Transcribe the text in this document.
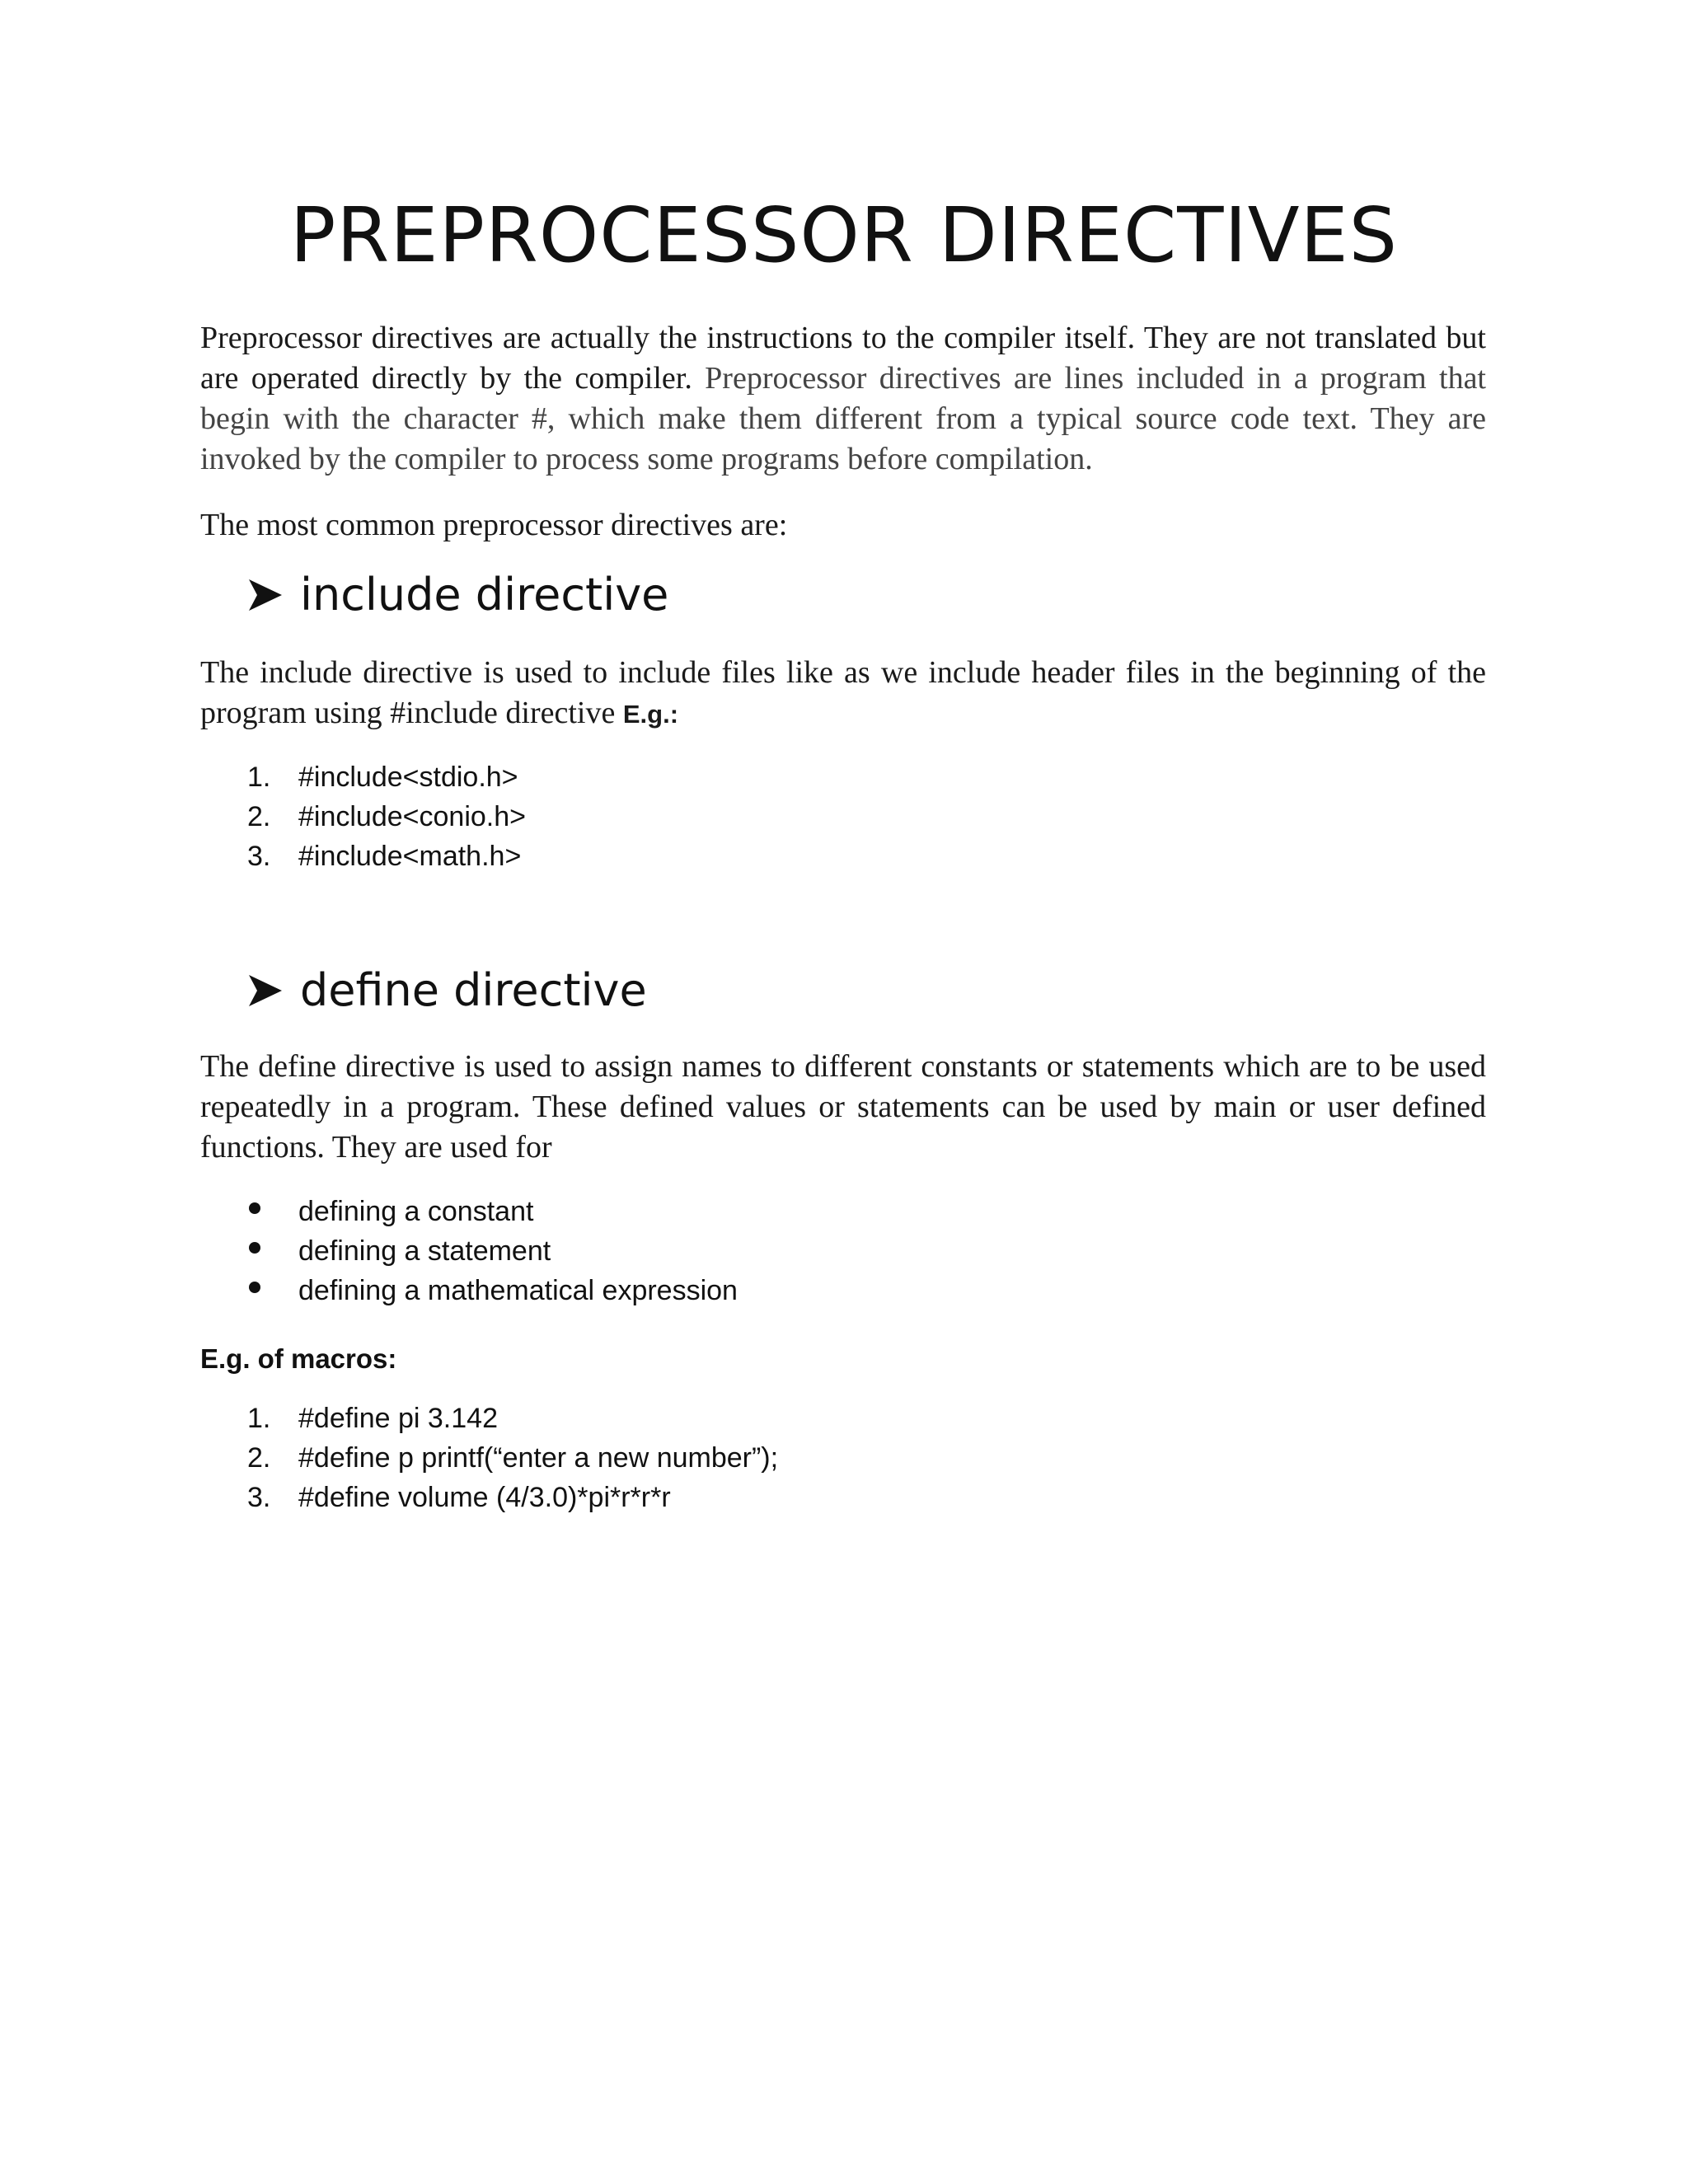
PREPROCESSOR DIRECTIVES

Preprocessor directives are actually the instructions to the compiler itself. They are not translated but are operated directly by the compiler. Preprocessor directives are lines included in a program that begin with the character #, which make them different from a typical source code text. They are invoked by the compiler to process some programs before compilation.

The most common preprocessor directives are:

include directive

The include directive is used to include files like as we include header files in the beginning of the program using #include directive E.g.:

1. #include<stdio.h>
2. #include<conio.h>
3. #include<math.h>
define directive

The define directive is used to assign names to different constants or statements which are to be used repeatedly in a program. These defined values or statements can be used by main or user defined functions. They are used for

defining a constant
defining a statement
defining a mathematical expression

E.g. of macros:

1. #define pi 3.142
2. #define p printf(“enter a new number”);
3. #define volume (4/3.0)*pi*r*r*r
